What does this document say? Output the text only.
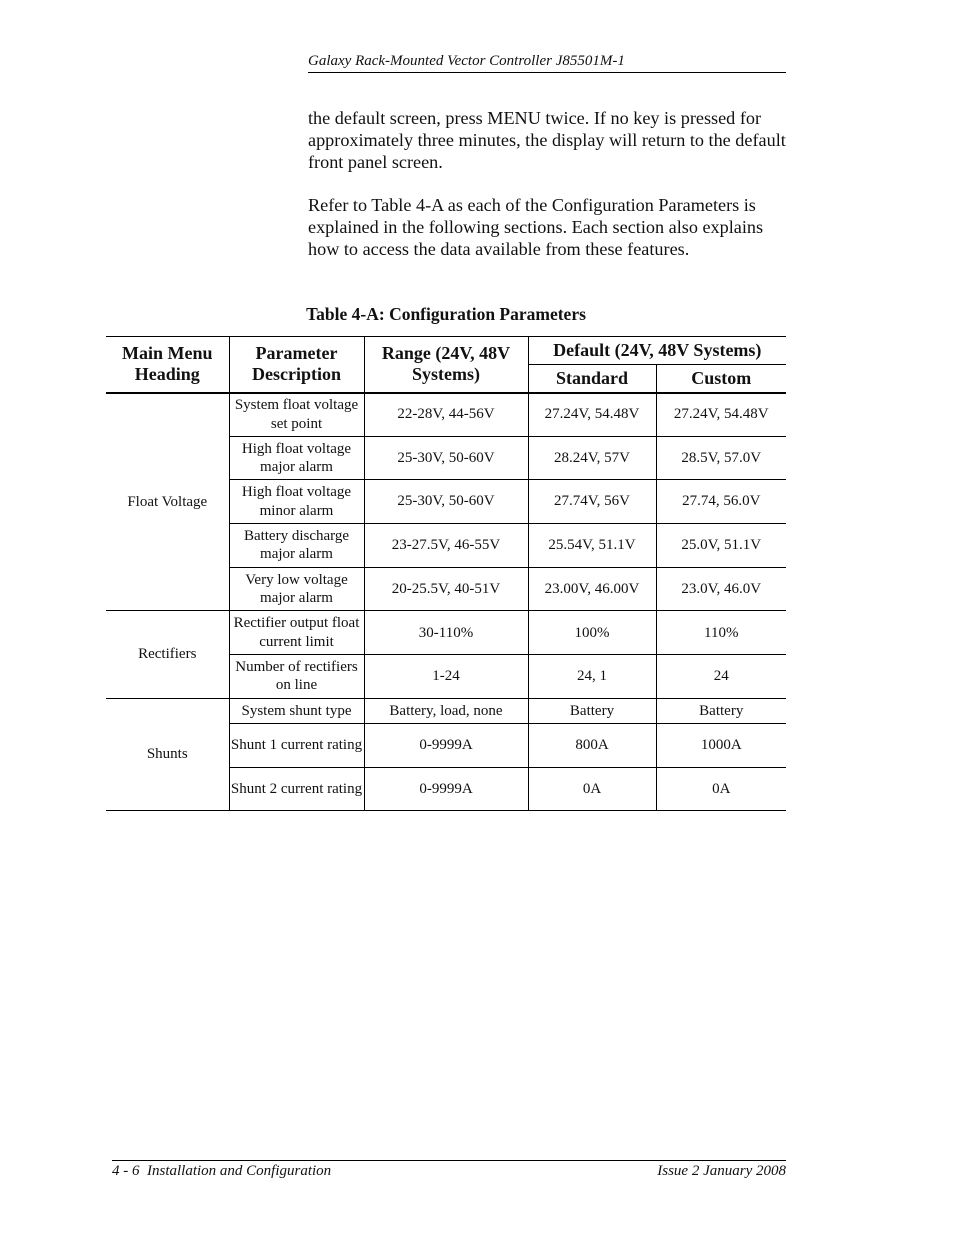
Galaxy Rack-Mounted Vector Controller J85501M-1
the default screen, press MENU twice. If no key is pressed for approximately three minutes, the display will return to the default front panel screen.
Refer to Table 4-A as each of the Configuration Parameters is explained in the following sections. Each section also explains how to access the data available from these features.
Table 4-A: Configuration Parameters
Main Menu Heading	Parameter Description	Range (24V, 48V Systems)	Default (24V, 48V Systems)	
			Standard	Custom
Float Voltage	System float voltage set point	22-28V, 44-56V	27.24V, 54.48V	27.24V, 54.48V
	High float voltage major alarm	25-30V, 50-60V	28.24V, 57V	28.5V, 57.0V
	High float voltage minor alarm	25-30V, 50-60V	27.74V, 56V	27.74, 56.0V
	Battery discharge major alarm	23-27.5V, 46-55V	25.54V, 51.1V	25.0V, 51.1V
	Very low voltage major alarm	20-25.5V, 40-51V	23.00V, 46.00V	23.0V, 46.0V
Rectifiers	Rectifier output float current limit	30-110%	100%	110%
	Number of rectifiers on line	1-24	24, 1	24
Shunts	System shunt type	Battery, load, none	Battery	Battery
	Shunt 1 current rating	0-9999A	800A	1000A
	Shunt 2 current rating	0-9999A	0A	0A
4 - 6  Installation and Configuration	Issue 2 January 2008
